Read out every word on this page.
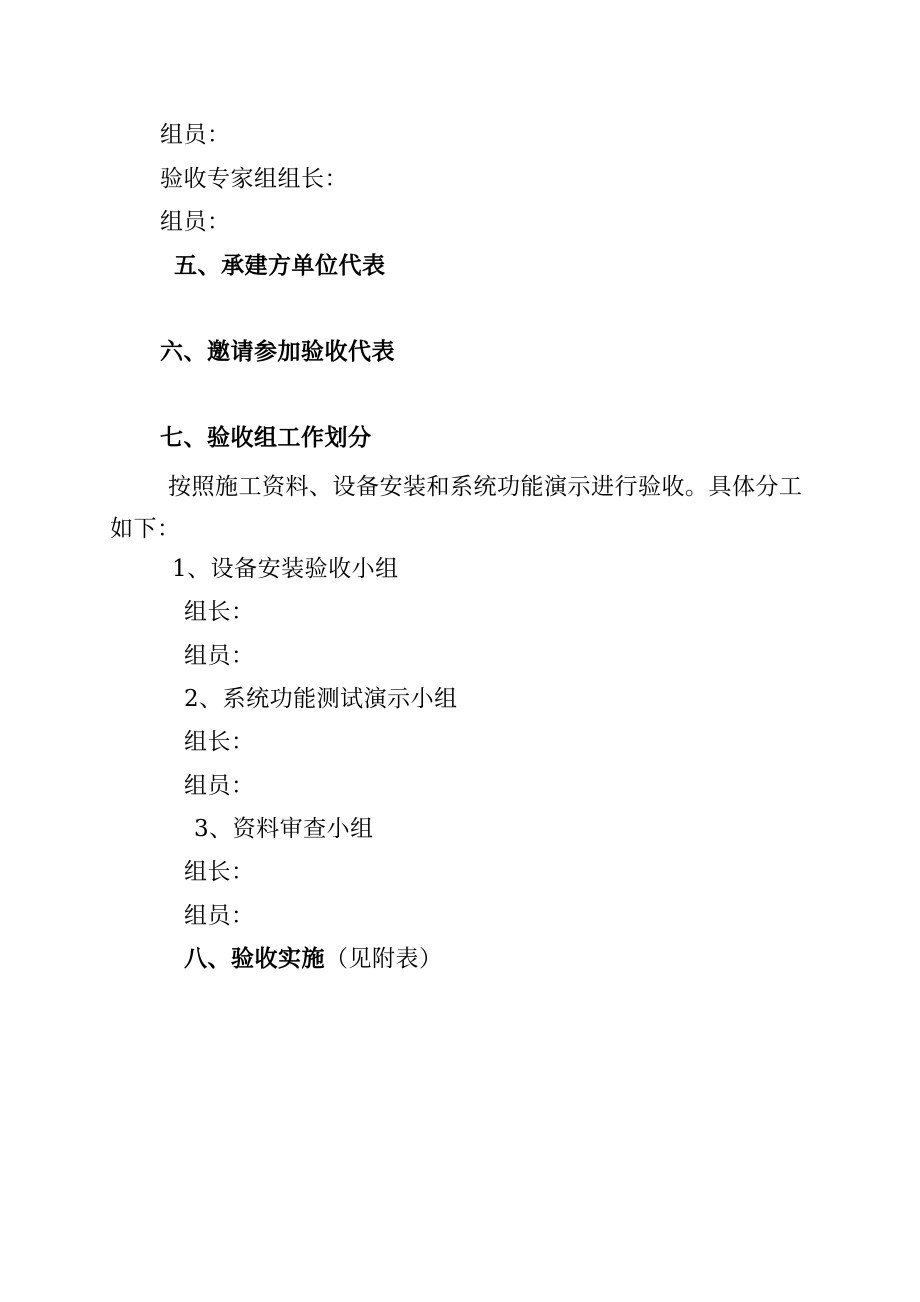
组员：
验收专家组组长：
组员：
五、承建方单位代表
六、邀请参加验收代表
七、验收组工作划分
按照施工资料、设备安装和系统功能演示进行验收。具体分工如下：
1、设备安装验收小组
组长：
组员：
2、系统功能测试演示小组
组长：
组员：
3、资料审查小组
组长：
组员：
八、验收实施（见附表）
